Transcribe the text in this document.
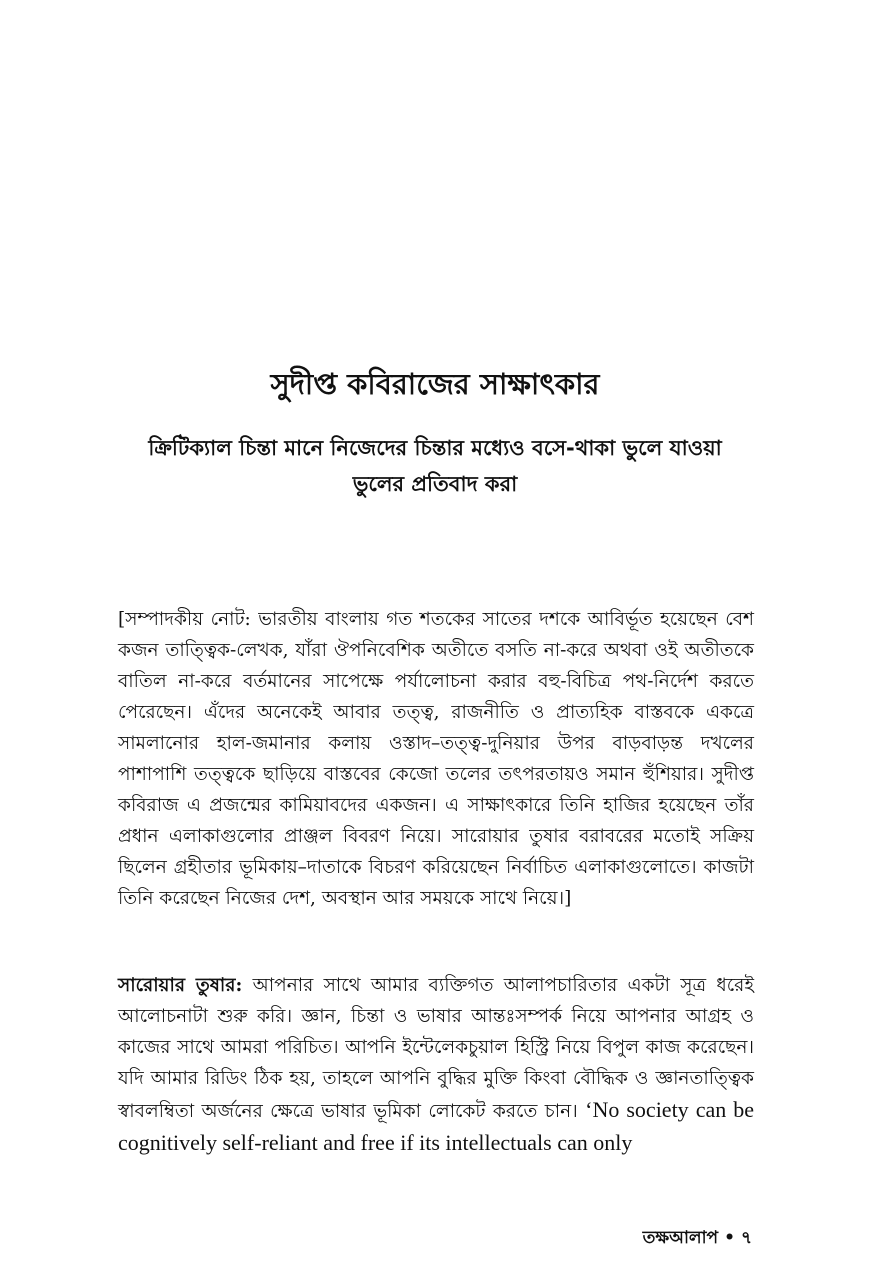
সুদীপ্ত কবিরাজের সাক্ষাৎকার
ক্রিটিক্যাল চিন্তা মানে নিজেদের চিন্তার মধ্যেও বসে-থাকা ভুলে যাওয়া ভুলের প্রতিবাদ করা

[সম্পাদকীয় নোট: ভারতীয় বাংলায় গত শতকের সাতের দশকে আবির্ভূত হয়েছেন বেশ কজন তাত্ত্বিক-লেখক, যাঁরা ঔপনিবেশিক অতীতে বসতি না-করে অথবা ওই অতীতকে বাতিল না-করে বর্তমানের সাপেক্ষে পর্যালোচনা করার বহু-বিচিত্র পথ-নির্দেশ করতে পেরেছেন। এঁদের অনেকেই আবার তত্ত্ব, রাজনীতি ও প্রাত্যহিক বাস্তবকে একত্রে সামলানোর হাল-জমানার কলায় ওস্তাদ–তত্ত্ব-দুনিয়ার উপর বাড়বাড়ন্ত দখলের পাশাপাশি তত্ত্বকে ছাড়িয়ে বাস্তবের কেজো তলের তৎপরতায়ও সমান হুঁশিয়ার। সুদীপ্ত কবিরাজ এ প্রজন্মের কামিয়াবদের একজন। এ সাক্ষাৎকারে তিনি হাজির হয়েছেন তাঁর প্রধান এলাকাগুলোর প্রাঞ্জল বিবরণ নিয়ে। সারোয়ার তুষার বরাবরের মতোই সক্রিয় ছিলেন গ্রহীতার ভূমিকায়–দাতাকে বিচরণ করিয়েছেন নির্বাচিত এলাকাগুলোতে। কাজটা তিনি করেছেন নিজের দেশ, অবস্থান আর সময়কে সাথে নিয়ে।]

সারোয়ার তুষার: আপনার সাথে আমার ব্যক্তিগত আলাপচারিতার একটা সূত্র ধরেই আলোচনাটা শুরু করি। জ্ঞান, চিন্তা ও ভাষার আন্তঃসম্পর্ক নিয়ে আপনার আগ্রহ ও কাজের সাথে আমরা পরিচিত। আপনি ইন্টেলেকচুয়াল হিস্ট্রি নিয়ে বিপুল কাজ করেছেন। যদি আমার রিডিং ঠিক হয়, তাহলে আপনি বুদ্ধির মুক্তি কিংবা বৌদ্ধিক ও জ্ঞানতাত্ত্বিক স্বাবলম্বিতা অর্জনের ক্ষেত্রে ভাষার ভূমিকা লোকেট করতে চান। ‘No society can be cognitively self-reliant and free if its intellectuals can only

তক্ষআলাপ • ৭
